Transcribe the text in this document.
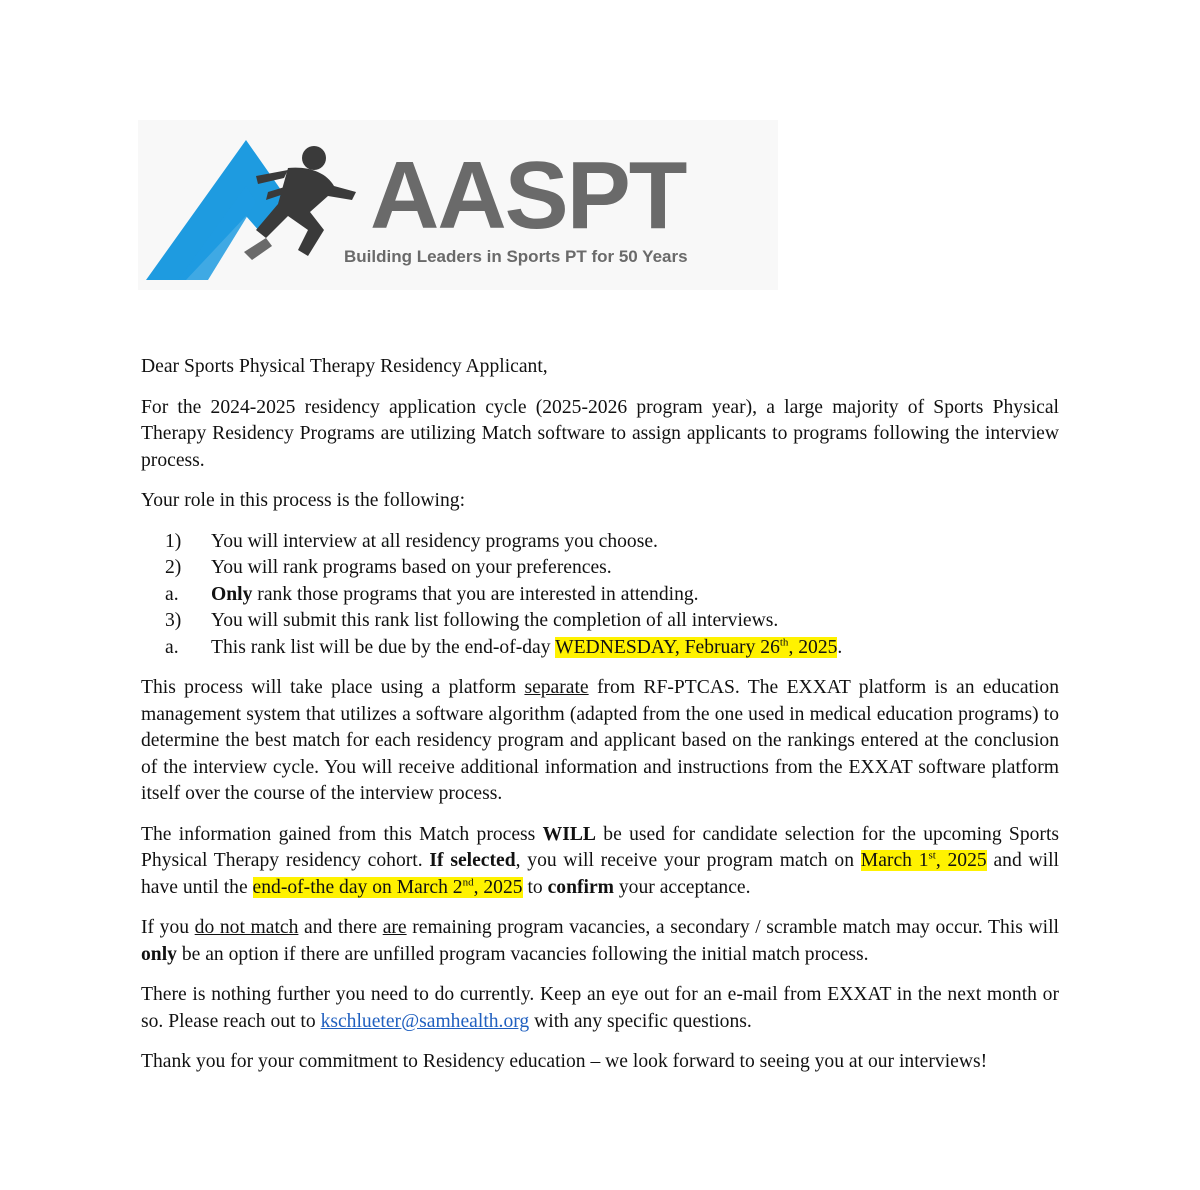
AASPT
Building Leaders in Sports PT for 50 Years

Dear Sports Physical Therapy Residency Applicant,

For the 2024-2025 residency application cycle (2025-2026 program year), a large majority of Sports Physical Therapy Residency Programs are utilizing Match software to assign applicants to programs following the interview process.

Your role in this process is the following:

1) You will interview at all residency programs you choose.
2) You will rank programs based on your preferences.
a. Only rank those programs that you are interested in attending.
3) You will submit this rank list following the completion of all interviews.
a. This rank list will be due by the end-of-day WEDNESDAY, February 26th, 2025.

This process will take place using a platform separate from RF-PTCAS. The EXXAT platform is an education management system that utilizes a software algorithm (adapted from the one used in medical education programs) to determine the best match for each residency program and applicant based on the rankings entered at the conclusion of the interview cycle. You will receive additional information and instructions from the EXXAT software platform itself over the course of the interview process.

The information gained from this Match process WILL be used for candidate selection for the upcoming Sports Physical Therapy residency cohort. If selected, you will receive your program match on March 1st, 2025 and will have until the end-of-the day on March 2nd, 2025 to confirm your acceptance.

If you do not match and there are remaining program vacancies, a secondary / scramble match may occur. This will only be an option if there are unfilled program vacancies following the initial match process.

There is nothing further you need to do currently. Keep an eye out for an e-mail from EXXAT in the next month or so. Please reach out to kschlueter@samhealth.org with any specific questions.

Thank you for your commitment to Residency education – we look forward to seeing you at our interviews!
